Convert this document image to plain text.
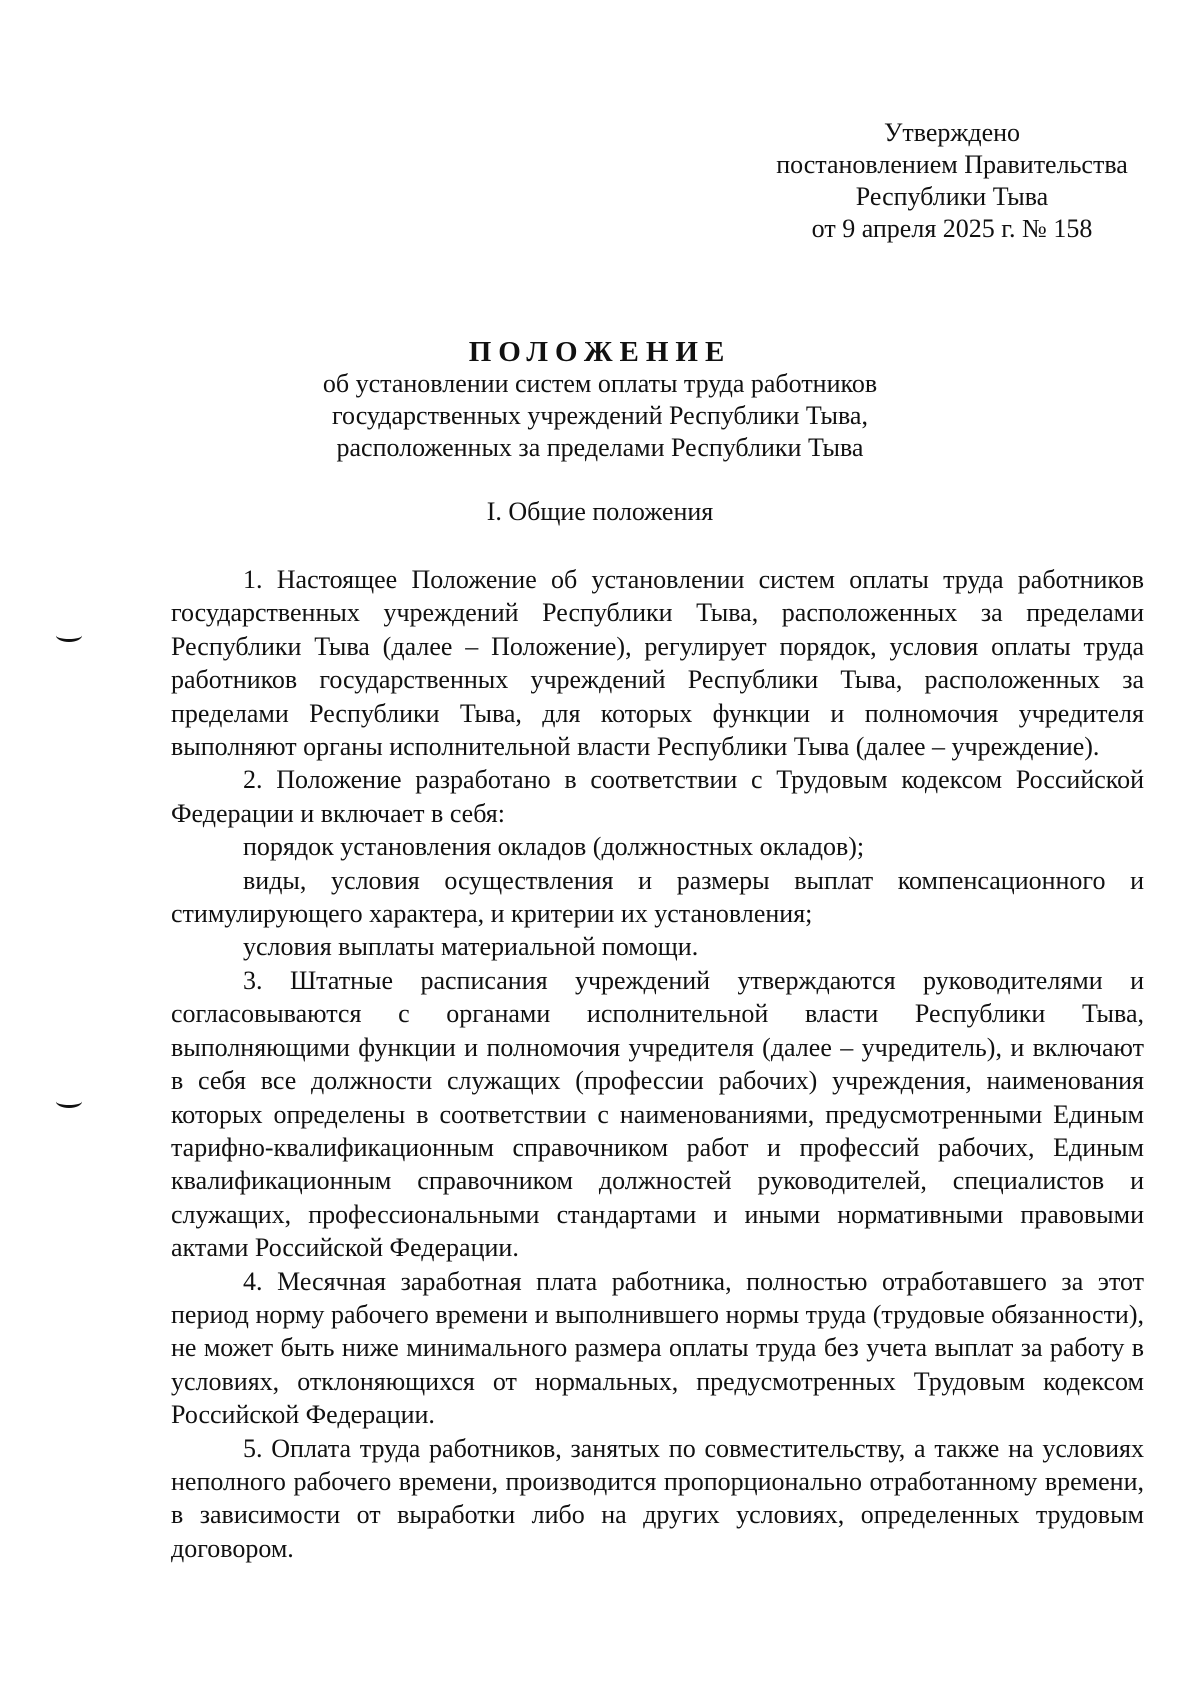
Утверждено
постановлением Правительства
Республики Тыва
от 9 апреля 2025 г. № 158
ПОЛОЖЕНИЕ
об установлении систем оплаты труда работников
государственных учреждений Республики Тыва,
расположенных за пределами Республики Тыва
I. Общие положения

1. Настоящее Положение об установлении систем оплаты труда работников государственных учреждений Республики Тыва, расположенных за пределами Республики Тыва (далее – Положение), регулирует порядок, условия оплаты труда работников государственных учреждений Республики Тыва, расположенных за пределами Республики Тыва, для которых функции и полномочия учредителя выполняют органы исполнительной власти Республики Тыва (далее – учреждение).

2. Положение разработано в соответствии с Трудовым кодексом Российской Федерации и включает в себя:

порядок установления окладов (должностных окладов);

виды, условия осуществления и размеры выплат компенсационного и стимулирующего характера, и критерии их установления;

условия выплаты материальной помощи.

3. Штатные расписания учреждений утверждаются руководителями и согласовываются с органами исполнительной власти Республики Тыва, выполняющими функции и полномочия учредителя (далее – учредитель), и включают в себя все должности служащих (профессии рабочих) учреждения, наименования которых определены в соответствии с наименованиями, предусмотренными Единым тарифно-квалификационным справочником работ и профессий рабочих, Единым квалификационным справочником должностей руководителей, специалистов и служащих, профессиональными стандартами и иными нормативными правовыми актами Российской Федерации.

4. Месячная заработная плата работника, полностью отработавшего за этот период норму рабочего времени и выполнившего нормы труда (трудовые обязанности), не может быть ниже минимального размера оплаты труда без учета выплат за работу в условиях, отклоняющихся от нормальных, предусмотренных Трудовым кодексом Российской Федерации.

5. Оплата труда работников, занятых по совместительству, а также на условиях неполного рабочего времени, производится пропорционально отработанному времени, в зависимости от выработки либо на других условиях, определенных трудовым договором.
